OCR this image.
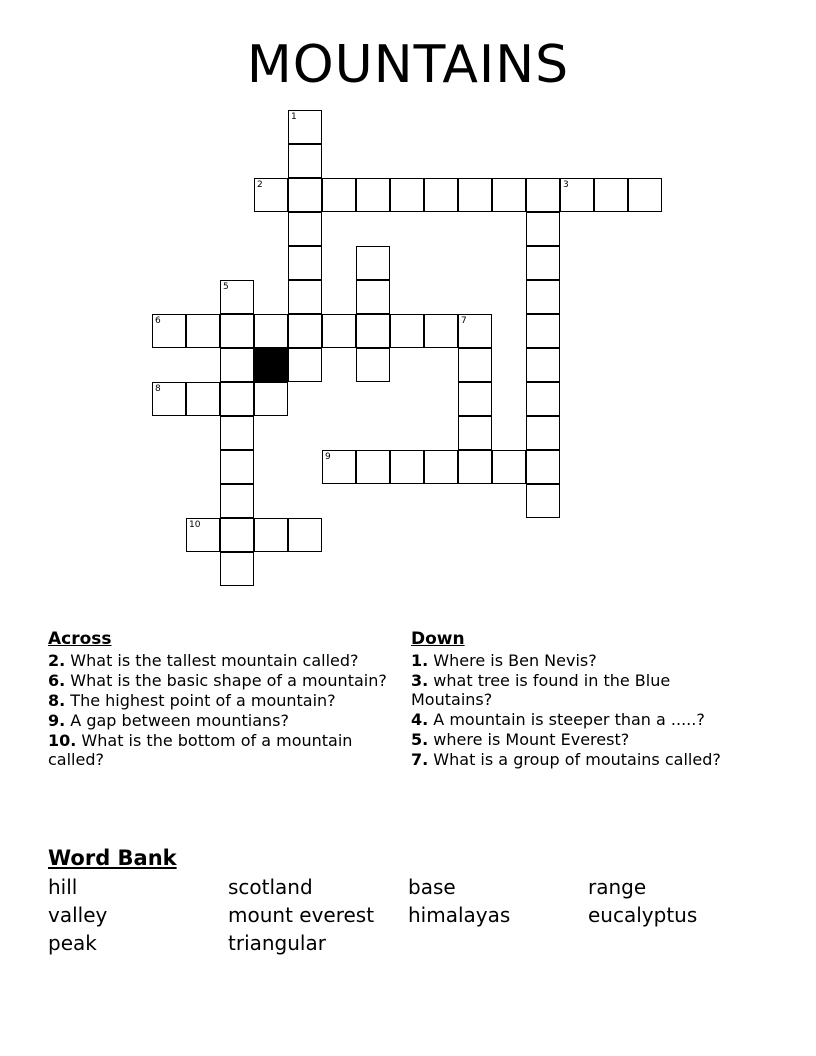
MOUNTAINS
1
2	3
5
6	7
8
9
10
Across
2. What is the tallest mountain called?
6. What is the basic shape of a mountain?
8. The highest point of a mountain?
9. A gap between mountians?
10. What is the bottom of a mountain called?
Down
1. Where is Ben Nevis?
3. what tree is found in the Blue Moutains?
4. A mountain is steeper than a .....?
5. where is Mount Everest?
7. What is a group of moutains called?
Word Bank
hill	scotland	base	range
valley	mount everest	himalayas	eucalyptus
peak	triangular
